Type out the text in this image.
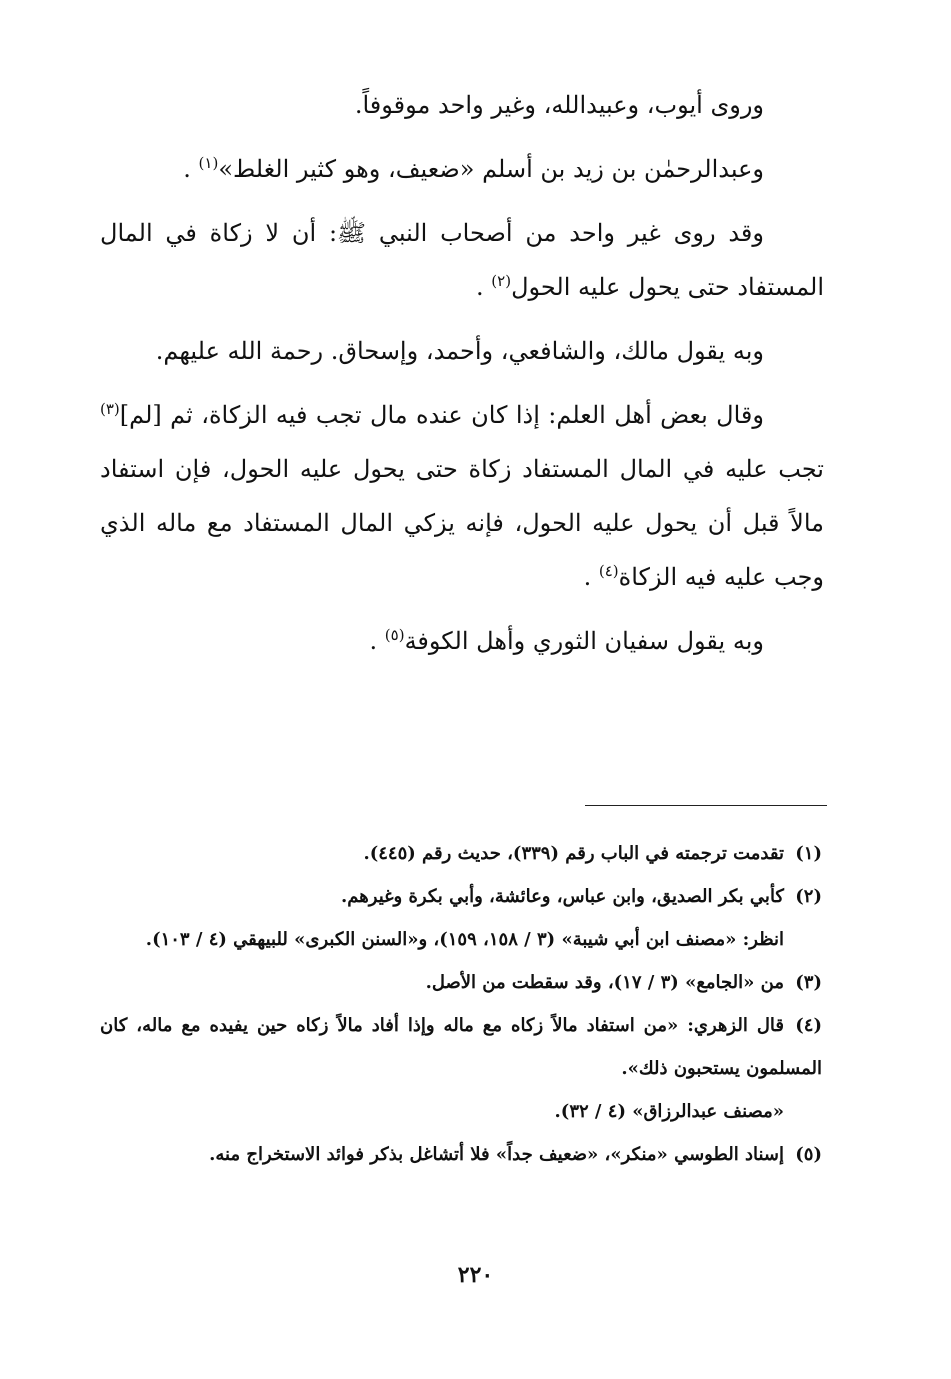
وروى أيوب، وعبيدالله، وغير واحد موقوفاً.

وعبدالرحمٰن بن زيد بن أسلم «ضعيف، وهو كثير الغلط»$^{(١)}$ .

وقد روى غير واحد من أصحاب النبي ﷺ: أن لا زكاة في المال المستفاد حتى يحول عليه الحول$^{(٢)}$ .

وبه يقول مالك، والشافعي، وأحمد، وإسحاق. رحمة الله عليهم.

وقال بعض أهل العلم: إذا كان عنده مال تجب فيه الزكاة، ثم [لم]$^{(٣)}$ تجب عليه في المال المستفاد زكاة حتى يحول عليه الحول، فإن استفاد مالاً قبل أن يحول عليه الحول، فإنه يزكي المال المستفاد مع ماله الذي وجب عليه فيه الزكاة$^{(٤)}$ .

وبه يقول سفيان الثوري وأهل الكوفة$^{(٥)}$ .

(١)تقدمت ترجمته في الباب رقم (٣٣٩)، حديث رقم (٤٤٥).

(٢)كأبي بكر الصديق، وابن عباس، وعائشة، وأبي بكرة وغيرهم.

انظر: «مصنف ابن أبي شيبة» (٣ / ١٥٨، ١٥٩)، و«السنن الكبرى» للبيهقي (٤ / ١٠٣).

(٣)من «الجامع» (٣ / ١٧)، وقد سقطت من الأصل.

(٤)قال الزهري: «من استفاد مالاً زكاه مع ماله وإذا أفاد مالاً زكاه حين يفيده مع ماله، كان المسلمون يستحبون ذلك».

«مصنف عبدالرزاق» (٤ / ٣٢).

(٥)إسناد الطوسي «منكر»، «ضعيف جداً» فلا أتشاغل بذكر فوائد الاستخراج منه.

٢٢٠
